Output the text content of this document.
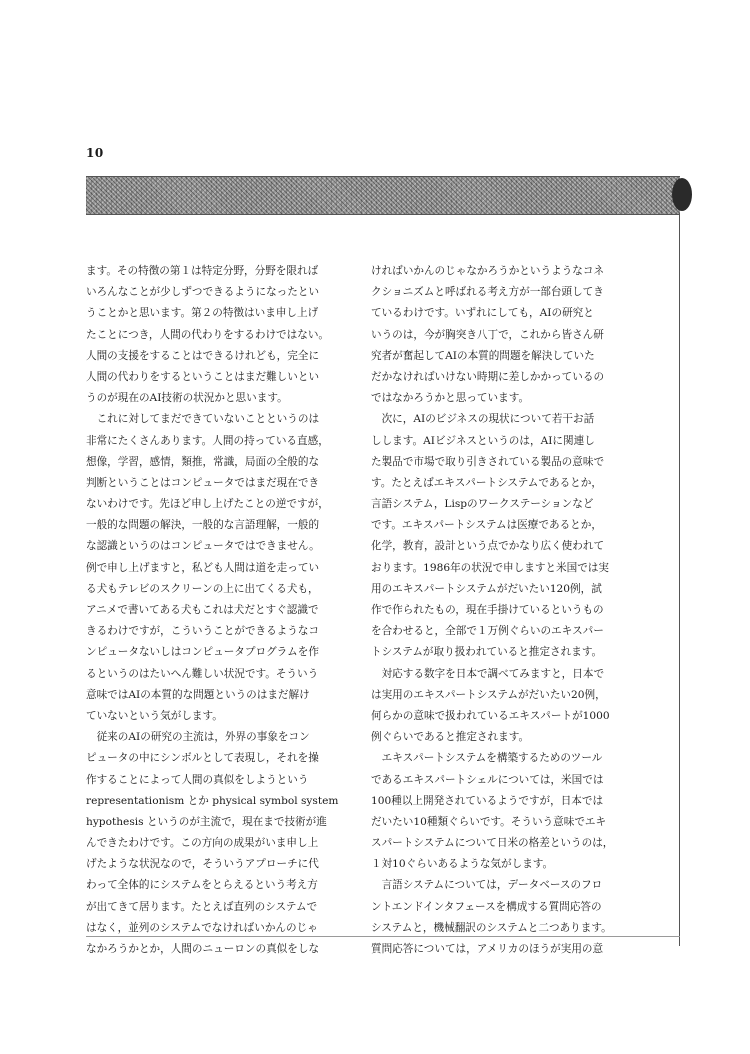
10
ます。その特徴の第１は特定分野，分野を限れば
いろんなことが少しずつできるようになったとい
うことかと思います。第２の特徴はいま申し上げ
たことにつき，人間の代わりをするわけではない。
人間の支援をすることはできるけれども，完全に
人間の代わりをするということはまだ難しいとい
うのが現在のAI技術の状況かと思います。
　これに対してまだできていないことというのは
非常にたくさんあります。人間の持っている直感，
想像，学習，感情，類推，常識，局面の全般的な
判断ということはコンピュータではまだ現在でき
ないわけです。先ほど申し上げたことの逆ですが，
一般的な問題の解決，一般的な言語理解，一般的
な認識というのはコンピュータではできません。
例で申し上げますと，私ども人間は道を走ってい
る犬もテレビのスクリーンの上に出てくる犬も，
アニメで書いてある犬もこれは犬だとすぐ認識で
きるわけですが，こういうことができるようなコ
ンピュータないしはコンピュータプログラムを作
るというのはたいへん難しい状況です。そういう
意味ではAIの本質的な問題というのはまだ解け
ていないという気がします。
　従来のAIの研究の主流は，外界の事象をコン
ピュータの中にシンボルとして表現し，それを操
作することによって人間の真似をしようという
representationism とか physical symbol system
hypothesis というのが主流で，現在まで技術が進
んできたわけです。この方向の成果がいま申し上
げたような状況なので，そういうアプローチに代
わって全体的にシステムをとらえるという考え方
が出てきて居ります。たとえば直列のシステムで
はなく，並列のシステムでなければいかんのじゃ
なかろうかとか，人間のニューロンの真似をしな
ければいかんのじゃなかろうかというようなコネ
クショニズムと呼ばれる考え方が一部台頭してき
ているわけです。いずれにしても，AIの研究と
いうのは，今が胸突き八丁で，これから皆さん研
究者が奮起してAIの本質的問題を解決していた
だかなければいけない時期に差しかかっているの
ではなかろうかと思っています。
　次に，AIのビジネスの現状について若干お話
しします。AIビジネスというのは，AIに関連し
た製品で市場で取り引きされている製品の意味で
す。たとえばエキスパートシステムであるとか，
言語システム，Lispのワークステーションなど
です。エキスパートシステムは医療であるとか，
化学，教育，設計という点でかなり広く使われて
おります。1986年の状況で申しますと米国では実
用のエキスパートシステムがだいたい120例，試
作で作られたもの，現在手掛けているというもの
を合わせると，全部で１万例ぐらいのエキスパー
トシステムが取り扱われていると推定されます。
　対応する数字を日本で調べてみますと，日本で
は実用のエキスパートシステムがだいたい20例，
何らかの意味で扱われているエキスパートが1000
例ぐらいであると推定されます。
　エキスパートシステムを構築するためのツール
であるエキスパートシェルについては，米国では
100種以上開発されているようですが，日本では
だいたい10種類ぐらいです。そういう意味でエキ
スパートシステムについて日米の格差というのは，
１対10ぐらいあるような気がします。
　言語システムについては，データベースのフロ
ントエンドインタフェースを構成する質問応答の
システムと，機械翻訳のシステムと二つあります。
質問応答については，アメリカのほうが実用の意
